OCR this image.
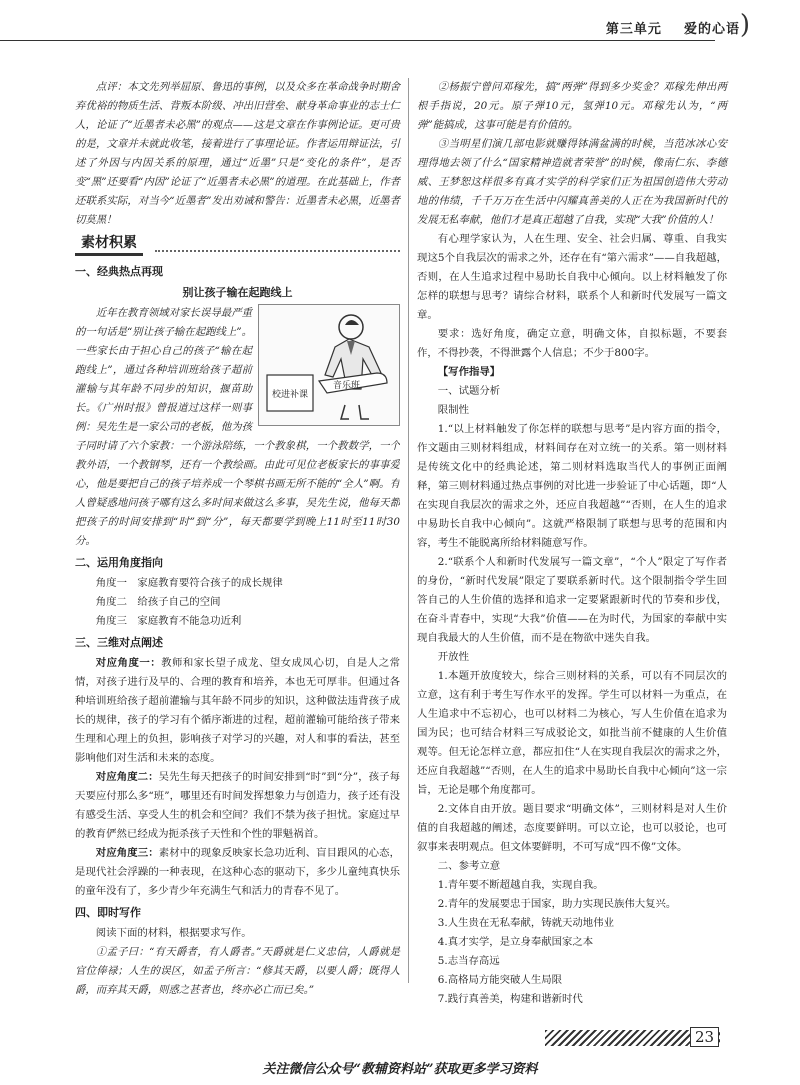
)
第三单元 爱的心语

点评：本文先列举屈原、鲁迅的事例，以及众多在革命战争时期舍弃优裕的物质生活、背叛本阶级、冲出旧营垒、献身革命事业的志士仁人，论证了“近墨者未必黑”的观点——这是文章在作事例论证。更可贵的是，文章并未就此收笔，接着进行了事理论证。作者运用辩证法，引述了外因与内因关系的原理，通过“近墨”只是“变化的条件”，是否变“黑”还要看“内因”论证了“近墨者未必黑”的道理。在此基础上，作者还联系实际，对当今“近墨者”发出劝诫和警告：近墨者未必黑，近墨者切莫黑！

素材积累
一、经典热点再现
别让孩子输在起跑线上
校进补课
音乐班

近年在教育领域对家长误导最严重的一句话是“别让孩子输在起跑线上”。一些家长由于担心自己的孩子“输在起跑线上”，通过各种培训班给孩子超前灌输与其年龄不同步的知识，揠苗助长。《广州时报》曾报道过这样一则事例：吴先生是一家公司的老板，他为孩子同时请了六个家教：一个游泳陪练，一个教象棋，一个教数学，一个教外语，一个教钢琴，还有一个教绘画。由此可见位老板家长的事事爱心，他是要把自己的孩子培养成一个琴棋书画无所不能的“全人”啊。有人曾疑惑地问孩子哪有这么多时间来做这么多事，吴先生说，他每天都把孩子的时间安排到“时”到“分”，每天都要学到晚上11时至11时30分。

二、运用角度指向
角度一　家庭教育要符合孩子的成长规律
角度二　给孩子自己的空间
角度三　家庭教育不能急功近利
三、三维对点阐述

对应角度一：教师和家长望子成龙、望女成凤心切，自是人之常情，对孩子进行及早的、合理的教育和培养，本也无可厚非。但通过各种培训班给孩子超前灌输与其年龄不同步的知识，这种做法违背孩子成长的规律，孩子的学习有个循序渐进的过程，超前灌输可能给孩子带来生理和心理上的负担，影响孩子对学习的兴趣，对人和事的看法，甚至影响他们对生活和未来的态度。

对应角度二：吴先生每天把孩子的时间安排到“时”到“分”，孩子每天要应付那么多“班”，哪里还有时间发挥想象力与创造力，孩子还有没有感受生活、享受人生的机会和空间？我们不禁为孩子担忧。家庭过早的教育俨然已经成为扼杀孩子天性和个性的罪魁祸首。

对应角度三：素材中的现象反映家长急功近利、盲目跟风的心态，是现代社会浮躁的一种表现，在这种心态的驱动下，多少儿童纯真快乐的童年没有了，多少青少年充满生气和活力的青春不见了。

四、即时写作

阅读下面的材料，根据要求写作。

①孟子曰：“有天爵者，有人爵者。”天爵就是仁义忠信，人爵就是官位俸禄；人生的误区，如孟子所言：“修其天爵，以要人爵；既得人爵，而弃其天爵，则惑之甚者也，终亦必亡而已矣。”

②杨振宁曾问邓稼先，搞“两弹”得到多少奖金？邓稼先伸出两根手指说，20元。原子弹10元，氢弹10元。邓稼先认为，“两弹”能搞成，这事可能是有价值的。

③当明星们演几部电影就赚得钵满盆满的时候，当范冰冰心安理得地去领了什么“国家精神造就者荣誉”的时候，像南仁东、李德威、王梦恕这样很多有真才实学的科学家们正为祖国创造伟大劳动地的伟绩，千千万万在生活中闪耀真善美的人正在为我国新时代的发展无私奉献，他们才是真正超越了自我，实现“大我”价值的人！

有心理学家认为，人在生理、安全、社会归属、尊重、自我实现这5个自我层次的需求之外，还存在有“第六需求”——自我超越，否则，在人生追求过程中易助长自我中心倾向。以上材料触发了你怎样的联想与思考？请综合材料，联系个人和新时代发展写一篇文章。

要求：选好角度，确定立意，明确文体，自拟标题，不要套作，不得抄袭，不得泄露个人信息；不少于800字。

【写作指导】

一、试题分析

限制性

1.“以上材料触发了你怎样的联想与思考”是内容方面的指令，作文题由三则材料组成，材料间存在对立统一的关系。第一则材料是传统文化中的经典论述，第二则材料选取当代人的事例正面阐释，第三则材料通过热点事例的对比进一步验证了中心话题，即“人在实现自我层次的需求之外，还应自我超越”“否则，在人生的追求中易助长自我中心倾向”。这就严格限制了联想与思考的范围和内容，考生不能脱离所给材料随意写作。

2.“联系个人和新时代发展写一篇文章”，“个人”限定了写作者的身份，“新时代发展”限定了要联系新时代。这个限制指令学生回答自己的人生价值的选择和追求一定要紧跟新时代的节奏和步伐，在奋斗青春中，实现“大我”价值——在为时代，为国家的奉献中实现自我最大的人生价值，而不是在物欲中迷失自我。

开放性

1.本题开放度较大，综合三则材料的关系，可以有不同层次的立意，这有利于考生写作水平的发挥。学生可以材料一为重点，在人生追求中不忘初心，也可以材料二为核心，写人生价值在追求为国为民；也可结合材料三写成驳论文，如批当前不健康的人生价值观等。但无论怎样立意，都应扣住“人在实现自我层次的需求之外，还应自我超越”“否则，在人生的追求中易助长自我中心倾向”这一宗旨，无论是哪个角度都可。

2.文体自由开放。题目要求“明确文体”，三则材料是对人生价值的自我超越的阐述，态度要鲜明。可以立论，也可以驳论，也可叙事来表明观点。但文体要鲜明，不可写成“四不像”文体。

二、参考立意

1.青年要不断超越自我，实现自我。
2.青年的发展要忠于国家，助力实现民族伟大复兴。
3.人生贵在无私奉献，铸就天动地伟业
4.真才实学，是立身奉献国家之本
5.志当存高远
6.高格局方能突破人生局限
7.践行真善美，构建和谐新时代
23
关注微信公众号“教辅资料站”获取更多学习资料
